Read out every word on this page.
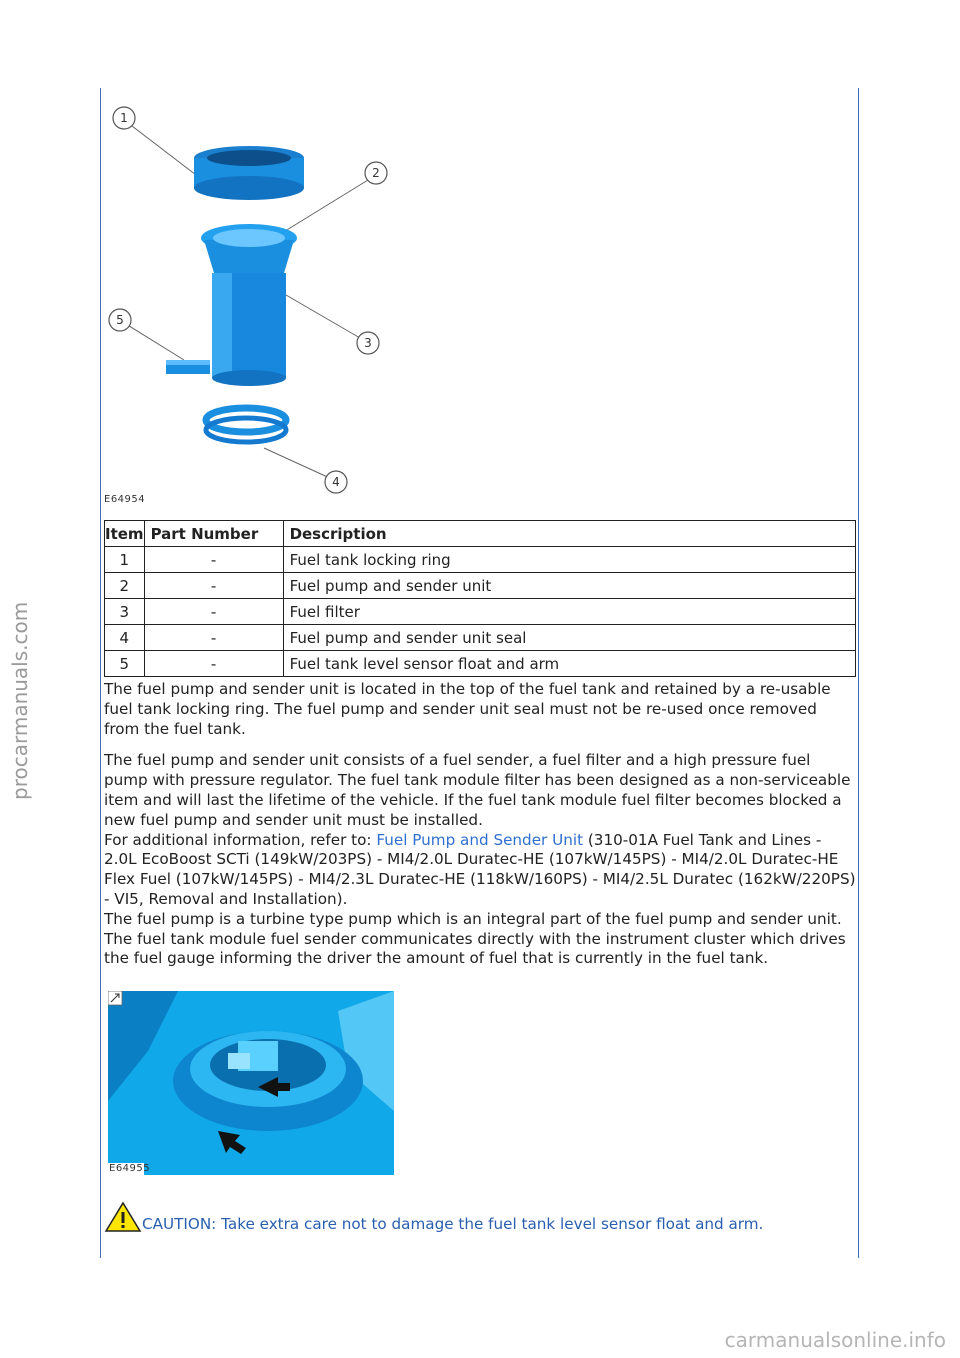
procarmanuals.com
1
2
3
4
5
E64954
Item	Part Number	Description
1	-	Fuel tank locking ring
2	-	Fuel pump and sender unit
3	-	Fuel filter
4	-	Fuel pump and sender unit seal
5	-	Fuel tank level sensor float and arm

The fuel pump and sender unit is located in the top of the fuel tank and retained by a re-usable fuel tank locking ring. The fuel pump and sender unit seal must not be re-used once removed from the fuel tank.

The fuel pump and sender unit consists of a fuel sender, a fuel filter and a high pressure fuel pump with pressure regulator. The fuel tank module filter has been designed as a non-serviceable item and will last the lifetime of the vehicle. If the fuel tank module fuel filter becomes blocked a new fuel pump and sender unit must be installed.

For additional information, refer to: Fuel Pump and Sender Unit (310-01A Fuel Tank and Lines - 2.0L EcoBoost SCTi (149kW/203PS) - MI4/2.0L Duratec-HE (107kW/145PS) - MI4/2.0L Duratec-HE Flex Fuel (107kW/145PS) - MI4/2.3L Duratec-HE (118kW/160PS) - MI4/2.5L Duratec (162kW/220PS) - VI5, Removal and Installation).

The fuel pump is a turbine type pump which is an integral part of the fuel pump and sender unit. The fuel tank module fuel sender communicates directly with the instrument cluster which drives the fuel gauge informing the driver the amount of fuel that is currently in the fuel tank.

E64955
CAUTION: Take extra care not to damage the fuel tank level sensor float and arm.
carmanualsonline.info
